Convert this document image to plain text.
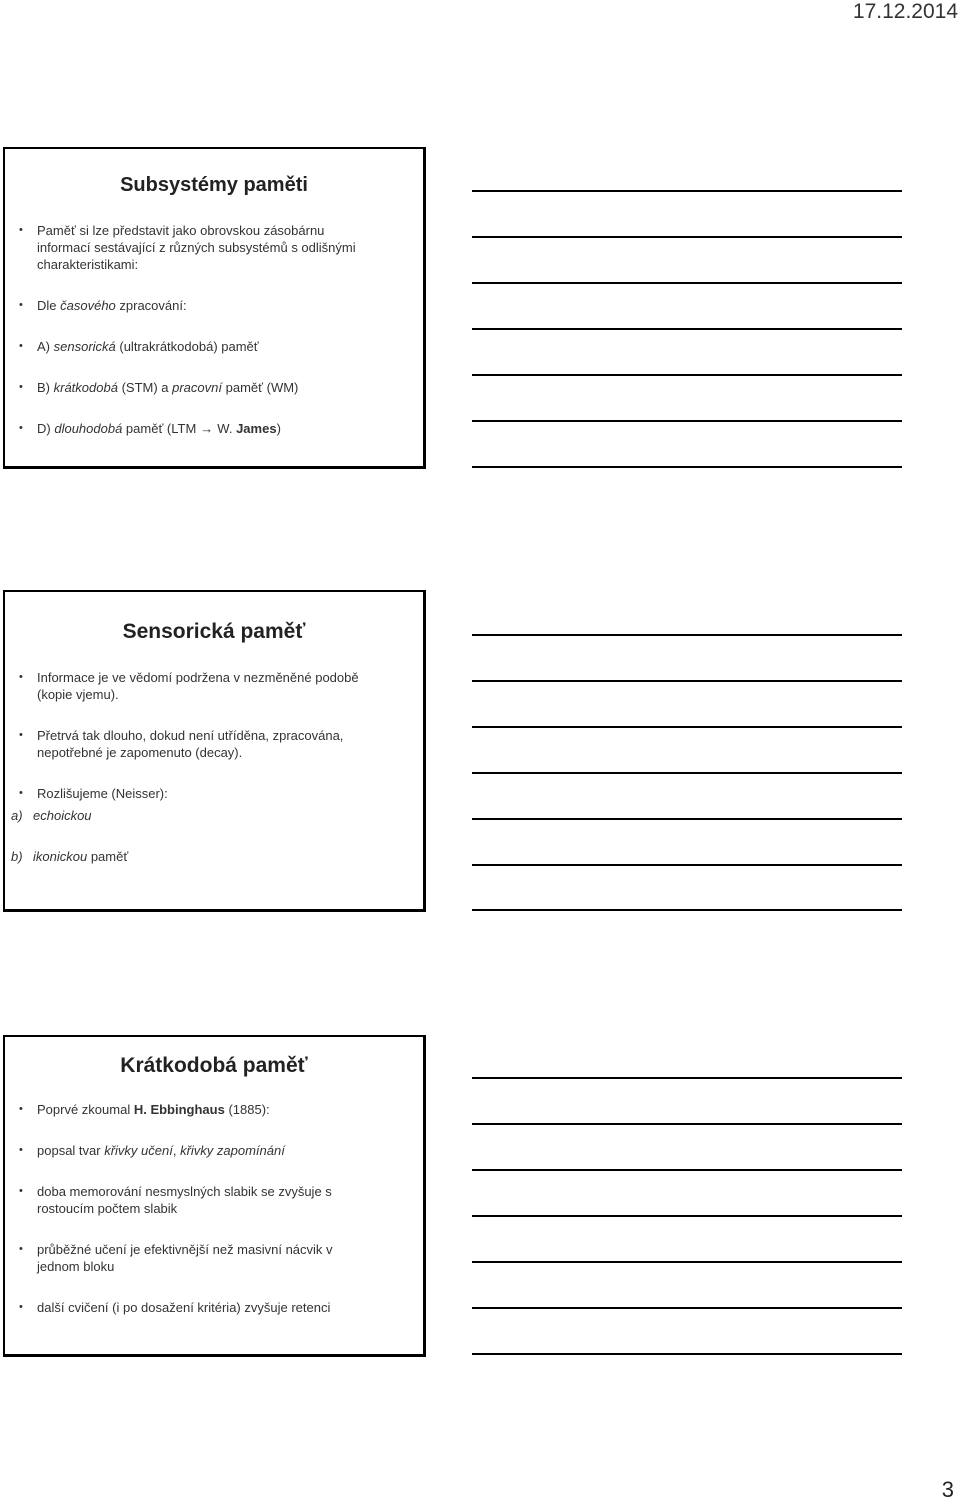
17.12.2014
Subsystémy paměti

• Paměť si lze představit jako obrovskou zásobárnu
informací sestávající z různých subsystémů s odlišnými
charakteristikami:

• Dle časového zpracování:

• A) sensorická (ultrakrátkodobá) paměť

• B) krátkodobá (STM) a pracovní paměť (WM)

• D) dlouhodobá paměť (LTM → W. James)

Sensorická paměť

• Informace je ve vědomí podržena v nezměněné podobě
(kopie vjemu).

• Přetrvá tak dlouho, dokud není utříděna, zpracována,
nepotřebné je zapomenuto (decay).

• Rozlišujeme (Neisser):

a) echoickou

b) ikonickou paměť

Krátkodobá paměť

• Poprvé zkoumal H. Ebbinghaus (1885):

• popsal tvar křivky učení, křivky zapomínání

• doba memorování nesmyslných slabik se zvyšuje s
rostoucím počtem slabik

• průběžné učení je efektivnější než masivní nácvik v
jednom bloku

• další cvičení (i po dosažení kritéria) zvyšuje retenci

3
